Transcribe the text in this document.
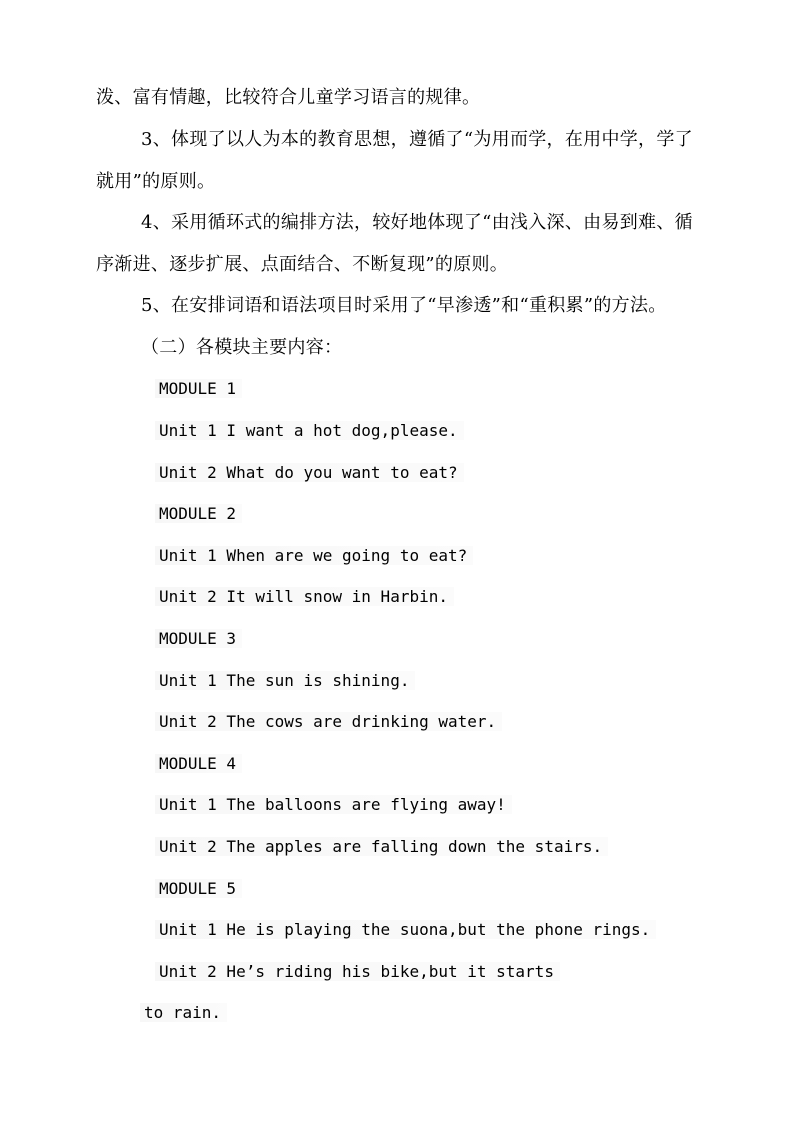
泼、富有情趣，比较符合儿童学习语言的规律。
3、体现了以人为本的教育思想，遵循了“为用而学，在用中学，学了
就用”的原则。
4、采用循环式的编排方法，较好地体现了“由浅入深、由易到难、循
序渐进、逐步扩展、点面结合、不断复现”的原则。
5、在安排词语和语法项目时采用了“早渗透”和“重积累”的方法。
（二）各模块主要内容：
MODULE 1
Unit 1 I want a hot dog,please.
Unit 2 What do you want to eat?
MODULE 2
Unit 1 When are we going to eat?
Unit 2 It will snow in Harbin.
MODULE 3
Unit 1 The sun is shining.
Unit 2 The cows are drinking water.
MODULE 4
Unit 1 The balloons are flying away!
Unit 2 The apples are falling down the stairs.
MODULE 5
Unit 1 He is playing the suona,but the phone rings.
Unit 2 He’s riding his bike,but it starts
to rain.
